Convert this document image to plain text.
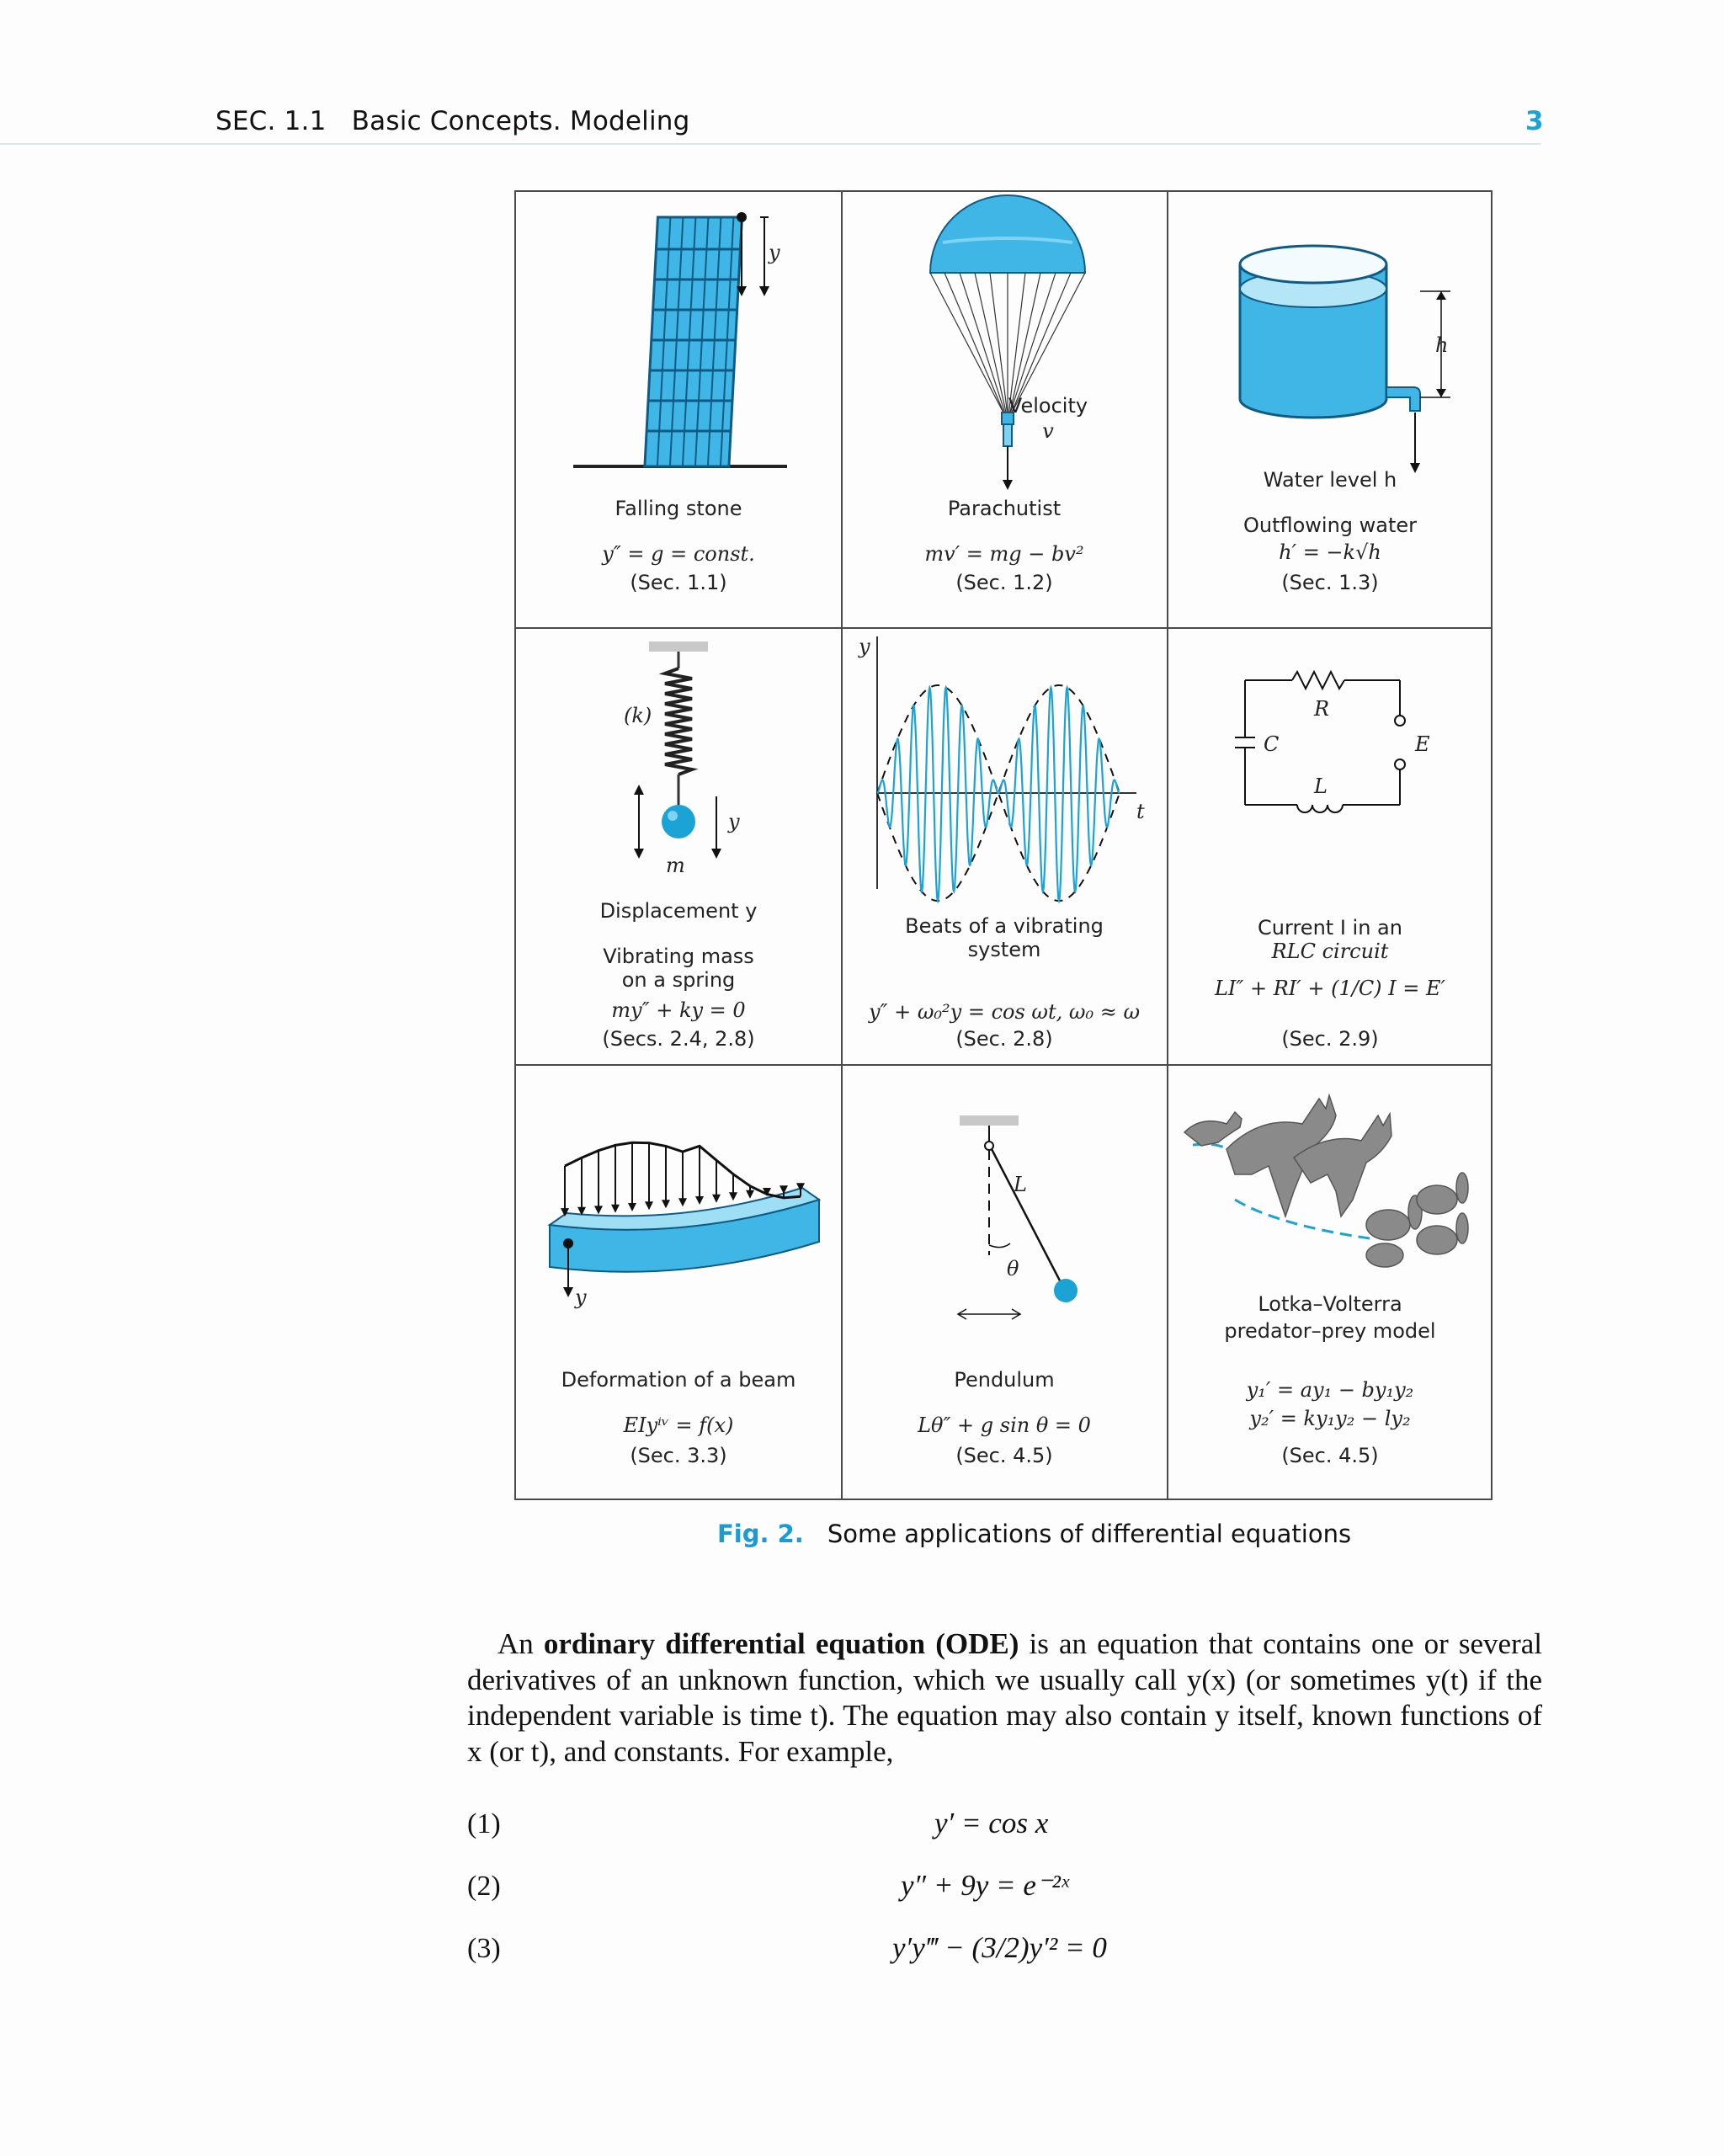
SEC. 1.1   Basic Concepts. Modeling	3
y
Falling stone
y″ = g = const.
(Sec. 1.1)
Velocity
v
Parachutist
mv′ = mg − bv²
(Sec. 1.2)
h
Water level h
Outflowing water
h′ = −k√h
(Sec. 1.3)
(k)
y
m
Displacement y
Vibrating mass
on a spring
my″ + ky = 0
(Secs. 2.4, 2.8)
y
t
Beats of a vibrating
system
y″ + ω₀²y = cos ωt, ω₀ ≈ ω
(Sec. 2.8)
R
C	E
L
Current I in an
RLC circuit
LI″ + RI′ + (1/C) I = E′
(Sec. 2.9)
y
Deformation of a beam
EIyⁱᵛ = f(x)
(Sec. 3.3)
L
θ
Pendulum
Lθ″ + g sin θ = 0
(Sec. 4.5)
Lotka–Volterra
predator–prey model
y₁′ = ay₁ − by₁y₂
y₂′ = ky₁y₂ − ly₂
(Sec. 4.5)
Fig. 2. Some applications of differential equations
An ordinary differential equation (ODE) is an equation that contains one or several derivatives of an unknown function, which we usually call y(x) (or sometimes y(t) if the independent variable is time t). The equation may also contain y itself, known functions of x (or t), and constants. For example,
(1)	y′ = cos x
(2)	y″ + 9y = e⁻²ˣ
(3)	y′y‴ − (3/2)y′² = 0
